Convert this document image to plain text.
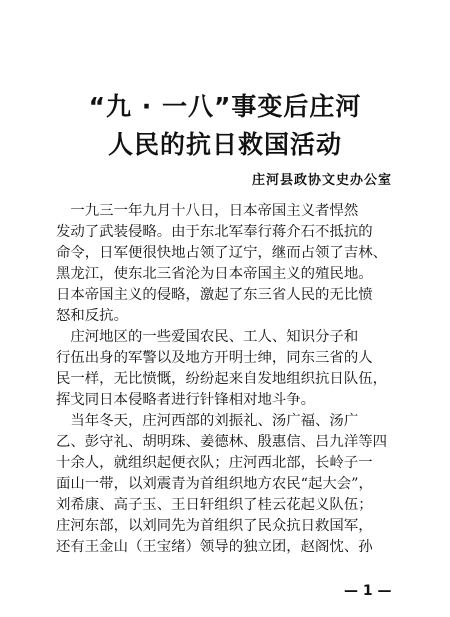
“九 · 一八”事变后庄河
人民的抗日救国活动
庄河县政协文史办公室
　一九三一年九月十八日，日本帝国主义者悍然
发动了武装侵略。由于东北军奉行蒋介石不抵抗的
命令，日军便很快地占领了辽宁，继而占领了吉林、
黑龙江，使东北三省沦为日本帝国主义的殖民地。
日本帝国主义的侵略，激起了东三省人民的无比愤
怒和反抗。
　庄河地区的一些爱国农民、工人、知识分子和
行伍出身的军警以及地方开明士绅，同东三省的人
民一样，无比愤慨，纷纷起来自发地组织抗日队伍，
挥戈同日本侵略者进行针锋相对地斗争。
　当年冬天，庄河西部的刘振礼、汤广福、汤广
乙、彭守礼、胡明珠、姜德林、殷惠信、吕九洋等四
十余人，就组织起便衣队；庄河西北部，长岭子一
面山一带，以刘震青为首组织地方农民“起大会”，
刘希康、高子玉、王日轩组织了桂云花起义队伍；
庄河东部，以刘同先为首组织了民众抗日救国军，
还有王金山（王宝绪）领导的独立团，赵阁忱、孙
— 1 —
